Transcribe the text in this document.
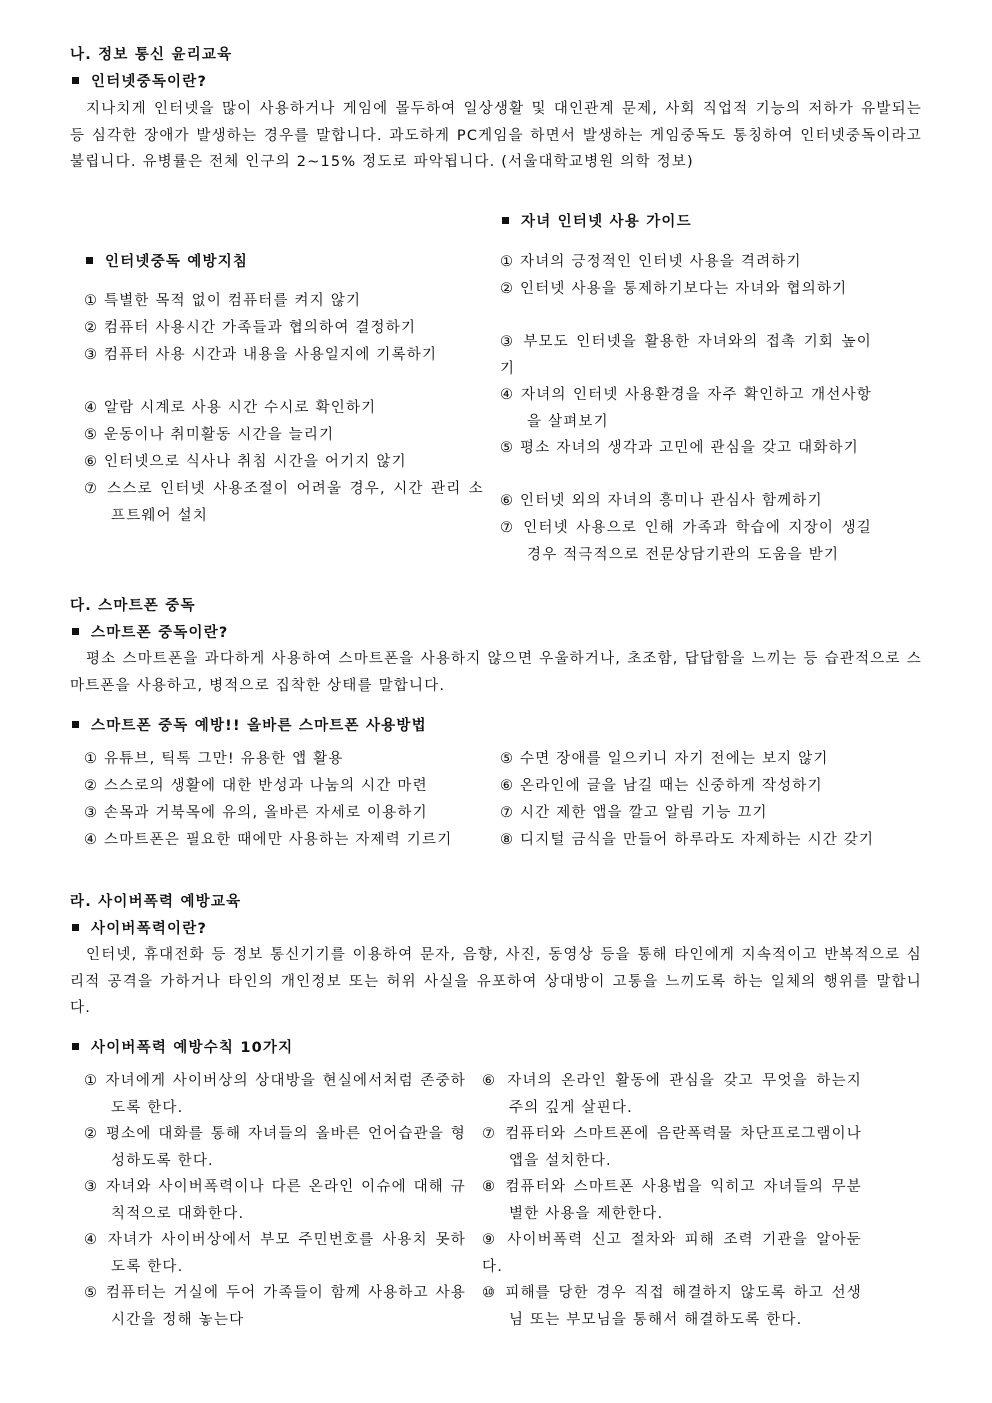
나. 정보 통신 윤리교육
인터넷중독이란?
지나치게 인터넷을 많이 사용하거나 게임에 몰두하여 일상생활 및 대인관계 문제, 사회 직업적 기능의 저하가 유발되는 등 심각한 장애가 발생하는 경우를 말합니다. 과도하게 PC게임을 하면서 발생하는 게임중독도 통칭하여 인터넷중독이라고 불립니다. 유병률은 전체 인구의 2~15% 정도로 파악됩니다. (서울대학교병원 의학 정보)
자녀 인터넷 사용 가이드
인터넷중독 예방지침
① 특별한 목적 없이 컴퓨터를 켜지 않기
② 컴퓨터 사용시간 가족들과 협의하여 결정하기
③ 컴퓨터 사용 시간과 내용을 사용일지에 기록하기
④ 알람 시계로 사용 시간 수시로 확인하기
⑤ 운동이나 취미활동 시간을 늘리기
⑥ 인터넷으로 식사나 취침 시간을 어기지 않기
⑦ 스스로 인터넷 사용조절이 어려울 경우, 시간 관리 소프트웨어 설치
① 자녀의 긍정적인 인터넷 사용을 격려하기
② 인터넷 사용을 통제하기보다는 자녀와 협의하기
③ 부모도 인터넷을 활용한 자녀와의 접촉 기회 높이기
④ 자녀의 인터넷 사용환경을 자주 확인하고 개선사항을 살펴보기
⑤ 평소 자녀의 생각과 고민에 관심을 갖고 대화하기
⑥ 인터넷 외의 자녀의 흥미나 관심사 함께하기
⑦ 인터넷 사용으로 인해 가족과 학습에 지장이 생길 경우 적극적으로 전문상담기관의 도움을 받기
다. 스마트폰 중독
스마트폰 중독이란?
평소 스마트폰을 과다하게 사용하여 스마트폰을 사용하지 않으면 우울하거나, 초조함, 답답함을 느끼는 등 습관적으로 스마트폰을 사용하고, 병적으로 집착한 상태를 말합니다.
스마트폰 중독 예방!! 올바른 스마트폰 사용방법
① 유튜브, 틱톡 그만! 유용한 앱 활용
② 스스로의 생활에 대한 반성과 나눔의 시간 마련
③ 손목과 거북목에 유의, 올바른 자세로 이용하기
④ 스마트폰은 필요한 때에만 사용하는 자제력 기르기
⑤ 수면 장애를 일으키니 자기 전에는 보지 않기
⑥ 온라인에 글을 남길 때는 신중하게 작성하기
⑦ 시간 제한 앱을 깔고 알림 기능 끄기
⑧ 디지털 금식을 만들어 하루라도 자제하는 시간 갖기
라. 사이버폭력 예방교육
사이버폭력이란?
인터넷, 휴대전화 등 정보 통신기기를 이용하여 문자, 음향, 사진, 동영상 등을 통해 타인에게 지속적이고 반복적으로 심리적 공격을 가하거나 타인의 개인정보 또는 허위 사실을 유포하여 상대방이 고통을 느끼도록 하는 일체의 행위를 말합니다.
사이버폭력 예방수칙 10가지
① 자녀에게 사이버상의 상대방을 현실에서처럼 존중하도록 한다.
② 평소에 대화를 통해 자녀들의 올바른 언어습관을 형성하도록 한다.
③ 자녀와 사이버폭력이나 다른 온라인 이슈에 대해 규칙적으로 대화한다.
④ 자녀가 사이버상에서 부모 주민번호를 사용치 못하도록 한다.
⑤ 컴퓨터는 거실에 두어 가족들이 함께 사용하고 사용시간을 정해 놓는다
⑥ 자녀의 온라인 활동에 관심을 갖고 무엇을 하는지 주의 깊게 살핀다.
⑦ 컴퓨터와 스마트폰에 음란폭력물 차단프로그램이나 앱을 설치한다.
⑧ 컴퓨터와 스마트폰 사용법을 익히고 자녀들의 무분별한 사용을 제한한다.
⑨ 사이버폭력 신고 절차와 피해 조력 기관을 알아둔다.
⑩ 피해를 당한 경우 직접 해결하지 않도록 하고 선생님 또는 부모님을 통해서 해결하도록 한다.
